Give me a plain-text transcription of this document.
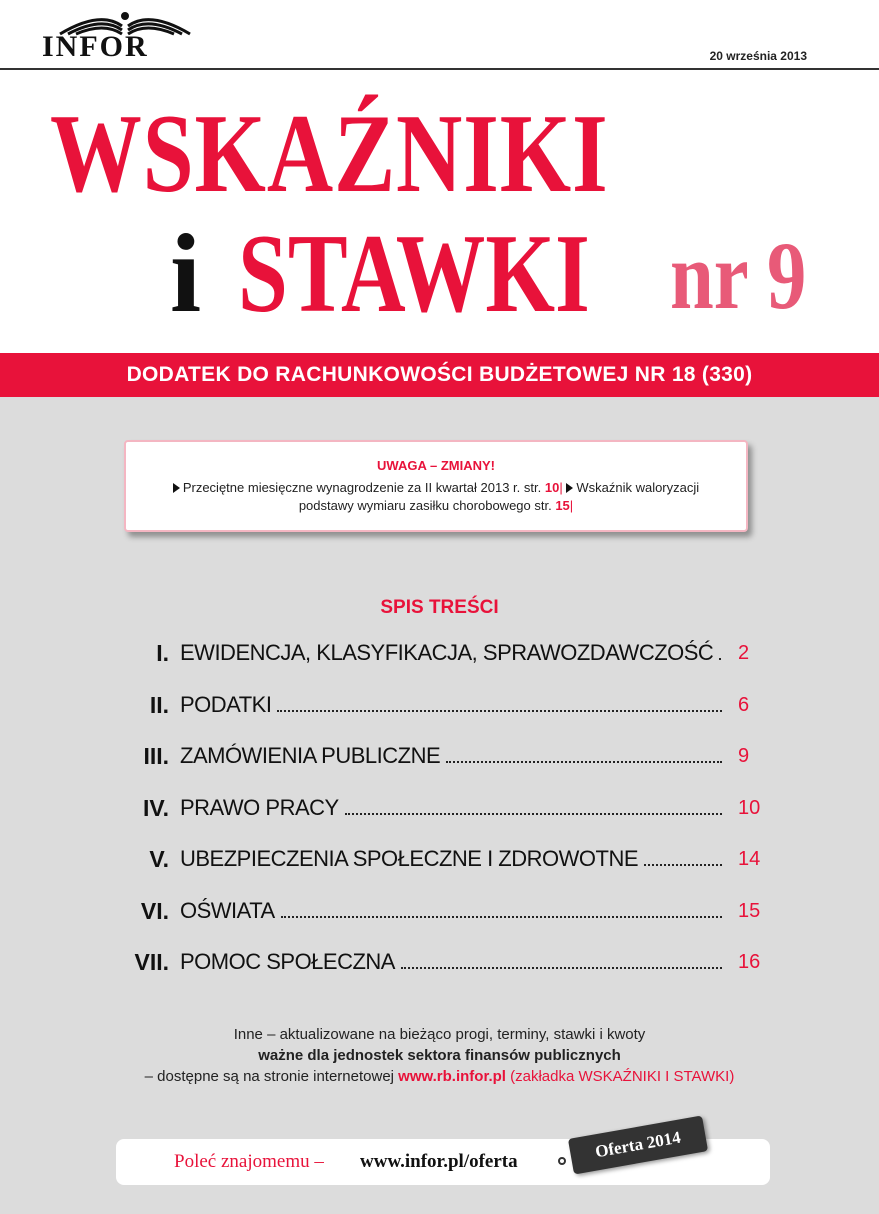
INFOR	20 września 2013
WSKAŹNIKI
i STAWKI nr 9
DODATEK DO RACHUNKOWOŚCI BUDŻETOWEJ NR 18 (330)
UWAGA – ZMIANY!
Przeciętne miesięczne wynagrodzenie za II kwartał 2013 r. str. 10| Wskaźnik waloryzacji
podstawy wymiaru zasiłku chorobowego str. 15|
SPIS TREŚCI
I. EWIDENCJA, KLASYFIKACJA, SPRAWOZDAWCZOŚĆ 2
II. PODATKI	6
III. ZAMÓWIENIA PUBLICZNE	9
IV. PRAWO PRACY	10
V. UBEZPIECZENIA SPOŁECZNE I ZDROWOTNE	14
VI. OŚWIATA	15
VII. POMOC SPOŁECZNA	16
Inne – aktualizowane na bieżąco progi, terminy, stawki i kwoty
ważne dla jednostek sektora finansów publicznych
– dostępne są na stronie internetowej www.rb.infor.pl (zakładka WSKAŹNIKI I STAWKI)
Poleć znajomemu – www.infor.pl/oferta
Oferta 2014
